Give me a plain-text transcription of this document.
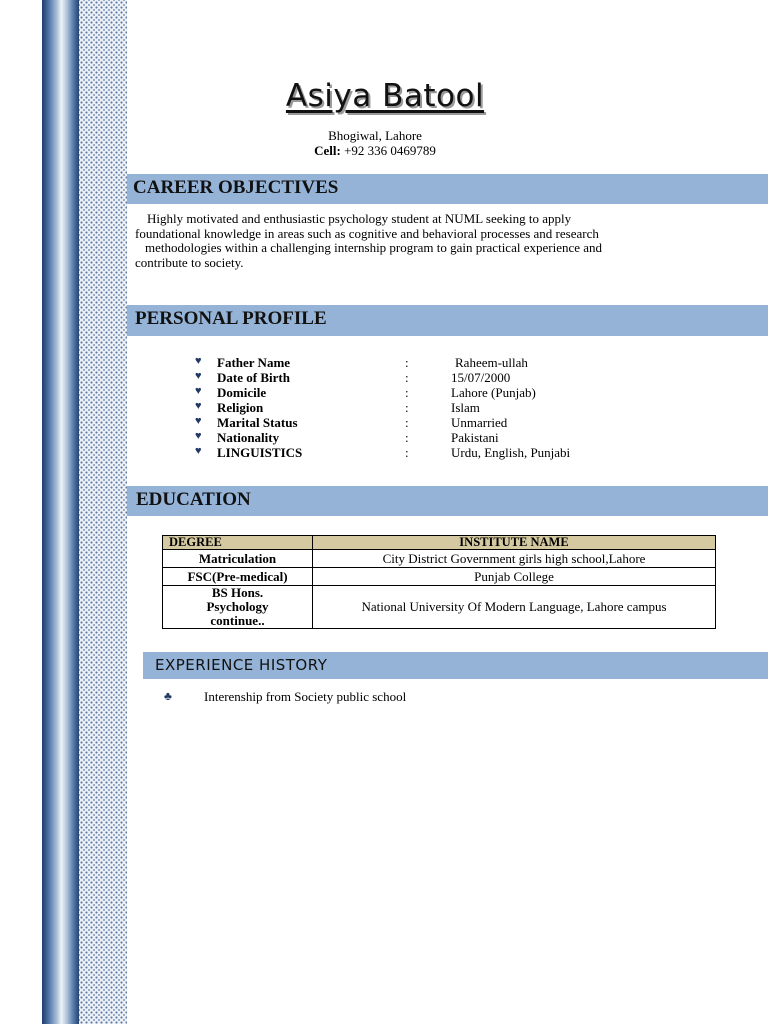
Asiya Batool
Bhogiwal, Lahore
Cell: +92 336 0469789
CAREER OBJECTIVES
Highly motivated and enthusiastic psychology student at NUML seeking to apply
foundational knowledge in areas such as cognitive and behavioral processes and research
methodologies within a challenging internship program to gain practical experience and
contribute to society.
PERSONAL PROFILE
♥ Father Name	:	Raheem-ullah
♥ Date of Birth	:	15/07/2000
♥ Domicile	:	Lahore (Punjab)
♥ Religion	:	Islam
♥ Marital Status	:	Unmarried
♥ Nationality	:	Pakistani
♥ LINGUISTICS	:	Urdu, English, Punjabi
EDUCATION
DEGREE	INSTITUTE NAME
Matriculation	City District Government girls high school,Lahore
FSC(Pre-medical)	Punjab College

BS Hons.
Psychology
continue..	National University Of Modern Language, Lahore campus
EXPERIENCE HISTORY
♣ Interenship from Society public school
